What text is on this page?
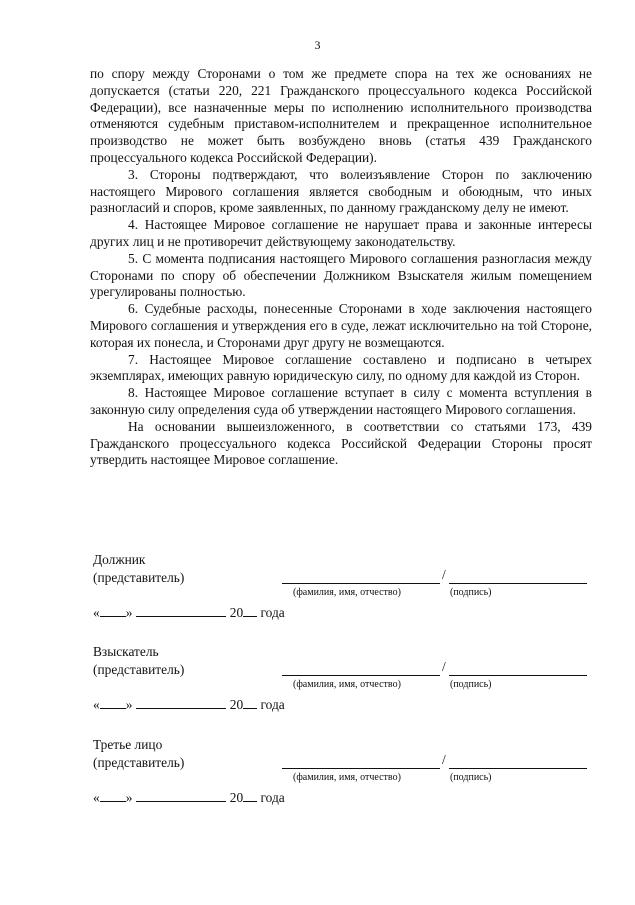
3

по спору между Сторонами о том же предмете спора на тех же основаниях не допускается (статьи 220, 221 Гражданского процессуального кодекса Российской Федерации), все назначенные меры по исполнению исполнительного производства отменяются судебным приставом-исполнителем и прекращенное исполнительное производство не может быть возбуждено вновь (статья 439 Гражданского процессуального кодекса Российской Федерации).

3. Стороны подтверждают, что волеизъявление Сторон по заключению настоящего Мирового соглашения является свободным и обоюдным, что иных разногласий и споров, кроме заявленных, по данному гражданскому делу не имеют.

4. Настоящее Мировое соглашение не нарушает права и законные интересы других лиц и не противоречит действующему законодательству.

5. С момента подписания настоящего Мирового соглашения разногласия между Сторонами по спору об обеспечении Должником Взыскателя жилым помещением урегулированы полностью.

6. Судебные расходы, понесенные Сторонами в ходе заключения настоящего Мирового соглашения и утверждения его в суде, лежат исключительно на той Стороне, которая их понесла, и Сторонами друг другу не возмещаются.

7. Настоящее Мировое соглашение составлено и подписано в четырех экземплярах, имеющих равную юридическую силу, по одному для каждой из Сторон.

8. Настоящее Мировое соглашение вступает в силу с момента вступления в законную силу определения суда об утверждении настоящего Мирового соглашения.

На основании вышеизложенного, в соответствии со статьями 173, 439 Гражданского процессуального кодекса Российской Федерации Стороны просят утвердить настоящее Мировое соглашение.

Должник
(представитель)	/
(фамилия, имя, отчество)	(подпись)
« »	20 года
Взыскатель
(представитель)	/
(фамилия, имя, отчество)	(подпись)
« »	20 года
Третье лицо
(представитель)	/
(фамилия, имя, отчество)	(подпись)
« »	20 года
